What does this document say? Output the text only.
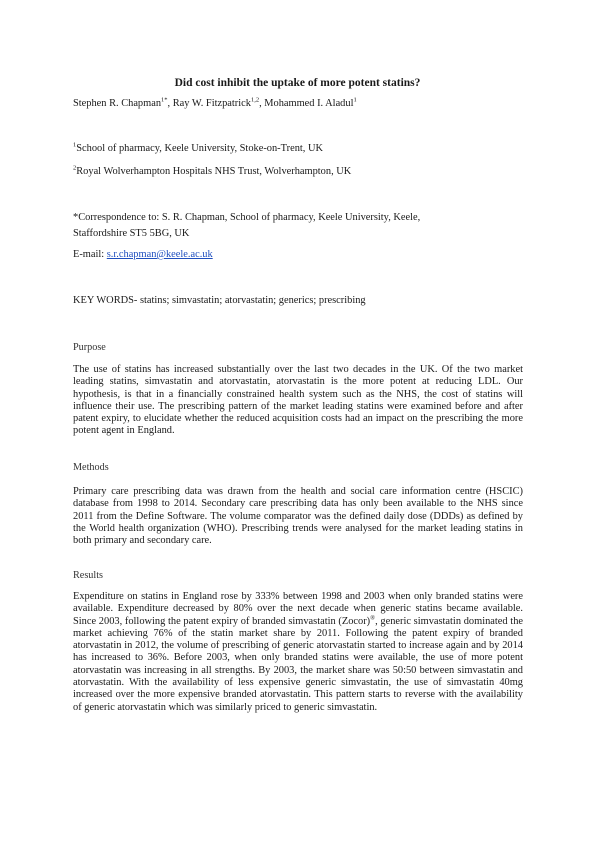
Did cost inhibit the uptake of more potent statins?
Stephen R. Chapman$^{1*}$, Ray W. Fitzpatrick$^{1,2}$, Mohammed I. Aladul$^1$
$^1$School of pharmacy, Keele University, Stoke-on-Trent, UK
$^2$Royal Wolverhampton Hospitals NHS Trust, Wolverhampton, UK
*Correspondence to: S. R. Chapman, School of pharmacy, Keele University, Keele,
Staffordshire ST5 5BG, UK
E-mail: s.r.chapman@keele.ac.uk
KEY WORDS- statins; simvastatin; atorvastatin; generics; prescribing
Purpose

The use of statins has increased substantially over the last two decades in the UK. Of the two market leading statins, simvastatin and atorvastatin, atorvastatin is the more potent at reducing LDL. Our hypothesis, is that in a financially constrained health system such as the NHS, the cost of statins will influence their use. The prescribing pattern of the market leading statins were examined before and after patent expiry, to elucidate whether the reduced acquisition costs had an impact on the prescribing the more potent agent in England.

Methods

Primary care prescribing data was drawn from the health and social care information centre (HSCIC) database from 1998 to 2014. Secondary care prescribing data has only been available to the NHS since 2011 from the Define Software. The volume comparator was the defined daily dose (DDDs) as defined by the World health organization (WHO). Prescribing trends were analysed for the market leading statins in both primary and secondary care.

Results

Expenditure on statins in England rose by 333% between 1998 and 2003 when only branded statins were available. Expenditure decreased by 80% over the next decade when generic statins became available. Since 2003, following the patent expiry of branded simvastatin (Zocor)®, generic simvastatin dominated the market achieving 76% of the statin market share by 2011. Following the patent expiry of branded atorvastatin in 2012, the volume of prescribing of generic atorvastatin started to increase again and by 2014 has increased to 36%. Before 2003, when only branded statins were available, the use of more potent atorvastatin was increasing in all strengths. By 2003, the market share was 50:50 between simvastatin and atorvastatin. With the availability of less expensive generic simvastatin, the use of simvastatin 40mg increased over the more expensive branded atorvastatin. This pattern starts to reverse with the availability of generic atorvastatin which was similarly priced to generic simvastatin.
